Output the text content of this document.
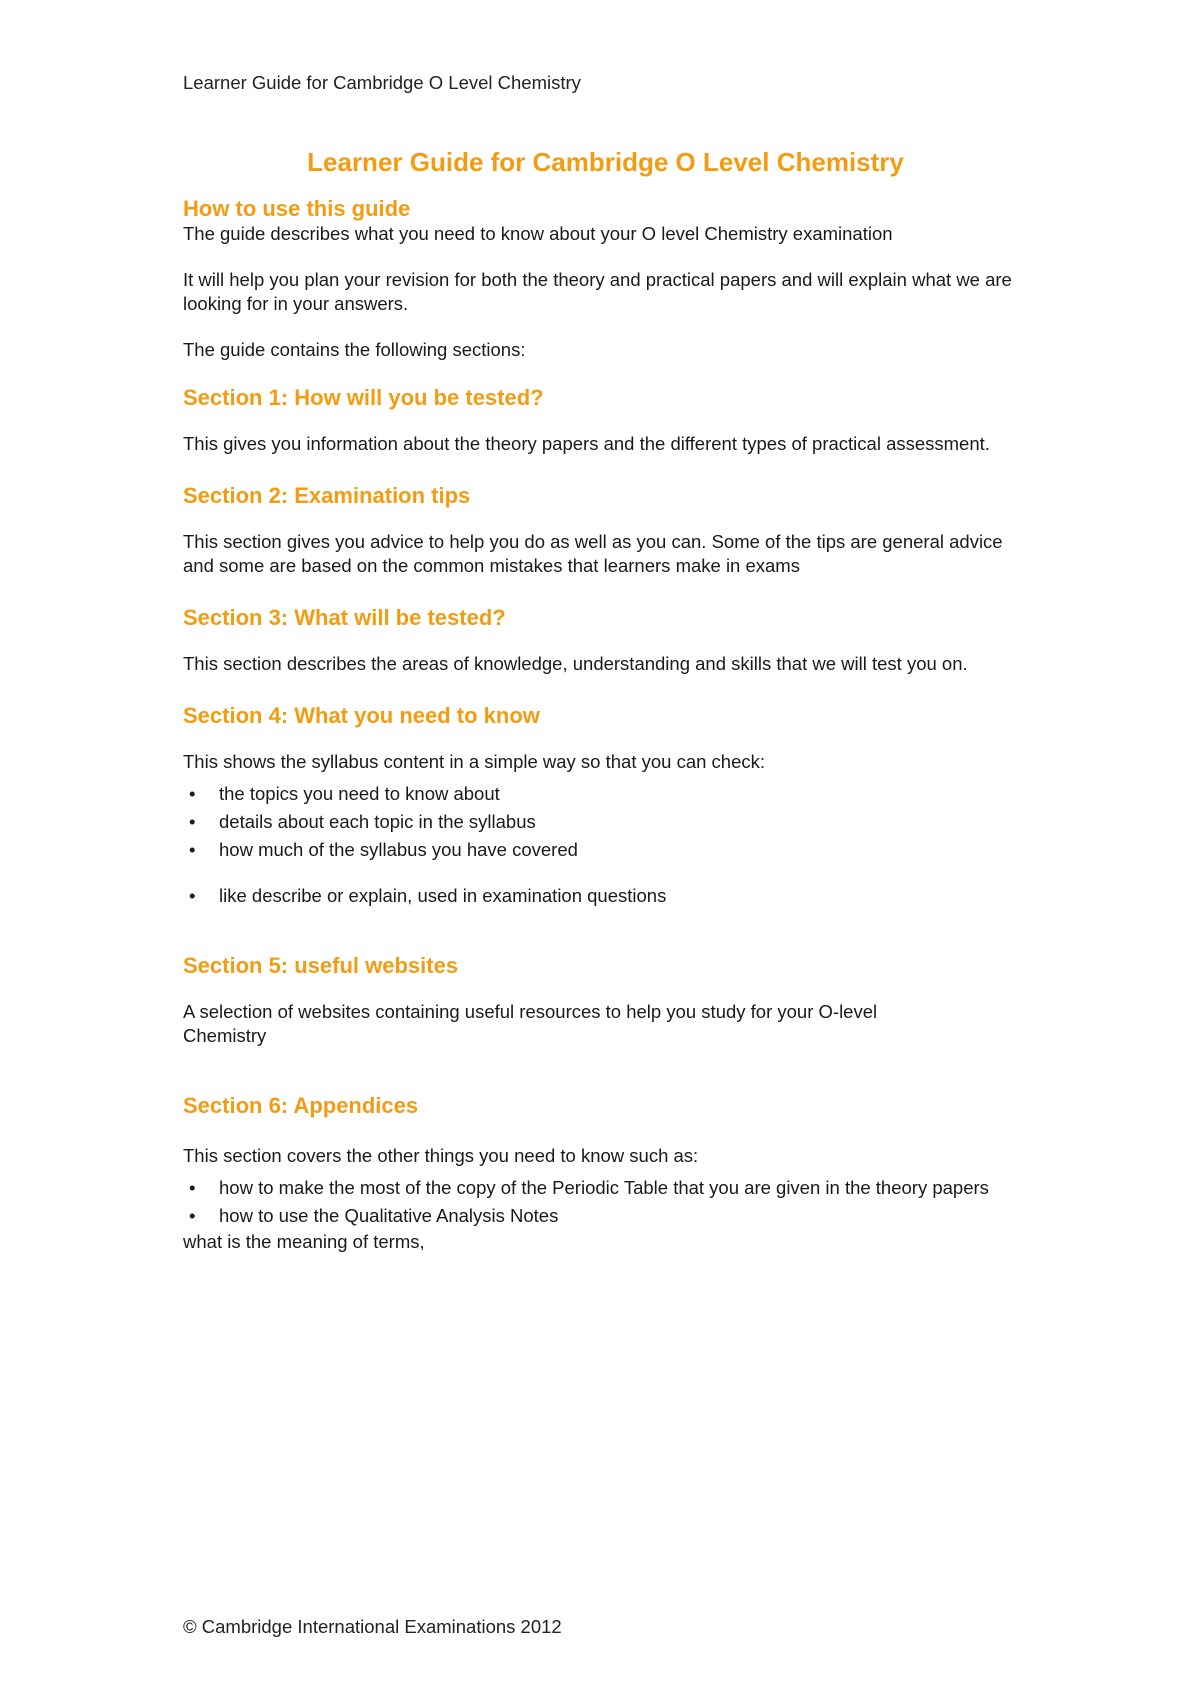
Learner Guide for Cambridge O Level Chemistry
Learner Guide for Cambridge O Level Chemistry
How to use this guide

The guide describes what you need to know about your O level Chemistry examination

It will help you plan your revision for both the theory and practical papers and will explain what we are looking for in your answers.

The guide contains the following sections:

Section 1: How will you be tested?

This gives you information about the theory papers and the different types of practical assessment.

Section 2: Examination tips

This section gives you advice to help you do as well as you can. Some of the tips are general advice and some are based on the common mistakes that learners make in exams

Section 3: What will be tested?

This section describes the areas of knowledge, understanding and skills that we will test you on.

Section 4: What you need to know

This shows the syllabus content in a simple way so that you can check:

• the topics you need to know about
• details about each topic in the syllabus
• how much of the syllabus you have covered
• like describe or explain, used in examination questions
Section 5: useful websites

A selection of websites containing useful resources to help you study for your O-level Chemistry

Section 6: Appendices

This section covers the other things you need to know such as:

• how to make the most of the copy of the Periodic Table that you are given in the theory papers
• how to use the Qualitative Analysis Notes

what is the meaning of terms,

© Cambridge International Examinations 2012
